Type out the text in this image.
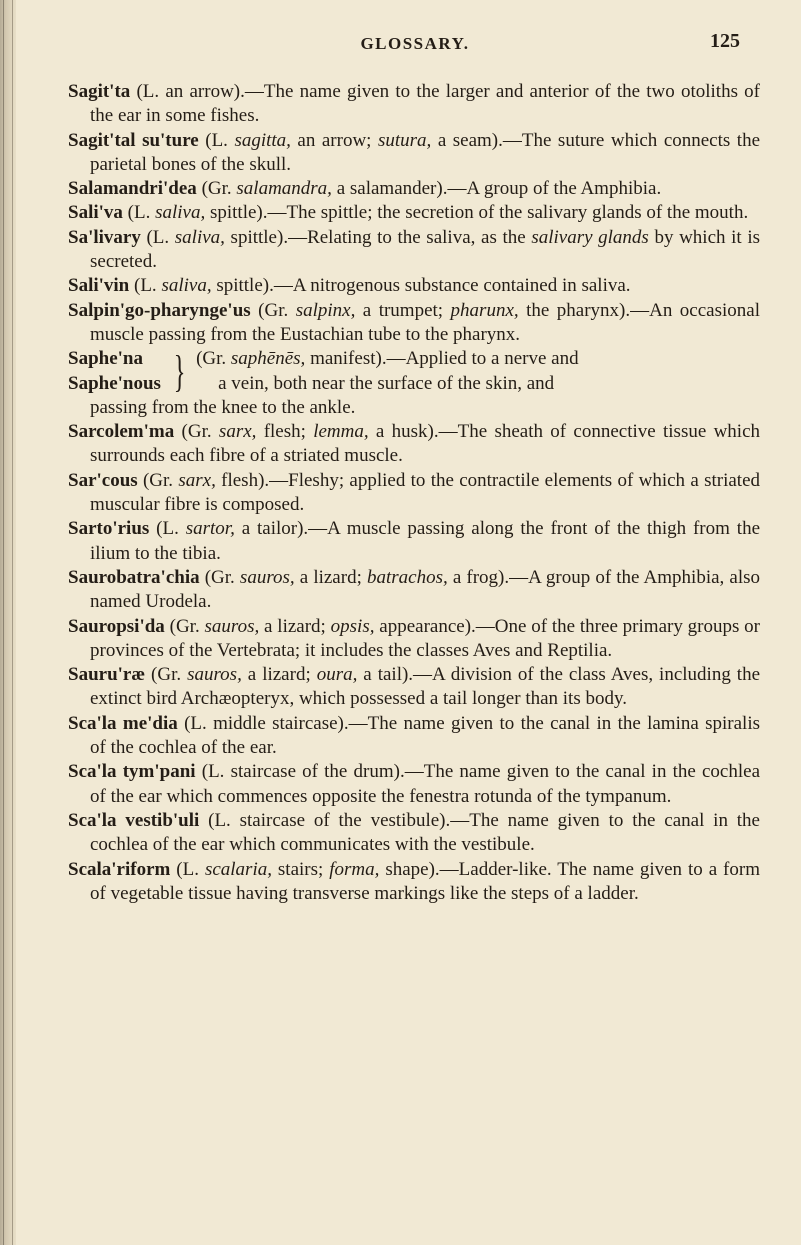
GLOSSARY.	125

Sagit'ta (L. an arrow).—The name given to the larger and anterior of the two otoliths of the ear in some fishes.

Sagit'tal su'ture (L. sagitta, an arrow; sutura, a seam).—The suture which connects the parietal bones of the skull.

Salamandri'dea (Gr. salamandra, a salamander).—A group of the Amphibia.

Sali'va (L. saliva, spittle).—The spittle; the secretion of the salivary glands of the mouth.

Sa'livary (L. saliva, spittle).—Relating to the saliva, as the salivary glands by which it is secreted.

Sali'vin (L. saliva, spittle).—A nitrogenous substance contained in saliva.

Salpin'go-pharynge'us (Gr. salpinx, a trumpet; pharunx, the pharynx).—An occasional muscle passing from the Eustachian tube to the pharynx.

Saphe'na
Saphe'nous } (Gr. saphēnēs, manifest).—Applied to a nerve and
a vein, both near the surface of the skin, and

passing from the knee to the ankle.

Sarcolem'ma (Gr. sarx, flesh; lemma, a husk).—The sheath of connective tissue which surrounds each fibre of a striated muscle.

Sar'cous (Gr. sarx, flesh).—Fleshy; applied to the contractile elements of which a striated muscular fibre is composed.

Sarto'rius (L. sartor, a tailor).—A muscle passing along the front of the thigh from the ilium to the tibia.

Saurobatra'chia (Gr. sauros, a lizard; batrachos, a frog).—A group of the Amphibia, also named Urodela.

Sauropsi'da (Gr. sauros, a lizard; opsis, appearance).—One of the three primary groups or provinces of the Vertebrata; it includes the classes Aves and Reptilia.

Sauru'ræ (Gr. sauros, a lizard; oura, a tail).—A division of the class Aves, including the extinct bird Archæopteryx, which possessed a tail longer than its body.

Sca'la me'dia (L. middle staircase).—The name given to the canal in the lamina spiralis of the cochlea of the ear.

Sca'la tym'pani (L. staircase of the drum).—The name given to the canal in the cochlea of the ear which commences opposite the fenestra rotunda of the tympanum.

Sca'la vestib'uli (L. staircase of the vestibule).—The name given to the canal in the cochlea of the ear which communicates with the vestibule.

Scala'riform (L. scalaria, stairs; forma, shape).—Ladder-like. The name given to a form of vegetable tissue having transverse markings like the steps of a ladder.
